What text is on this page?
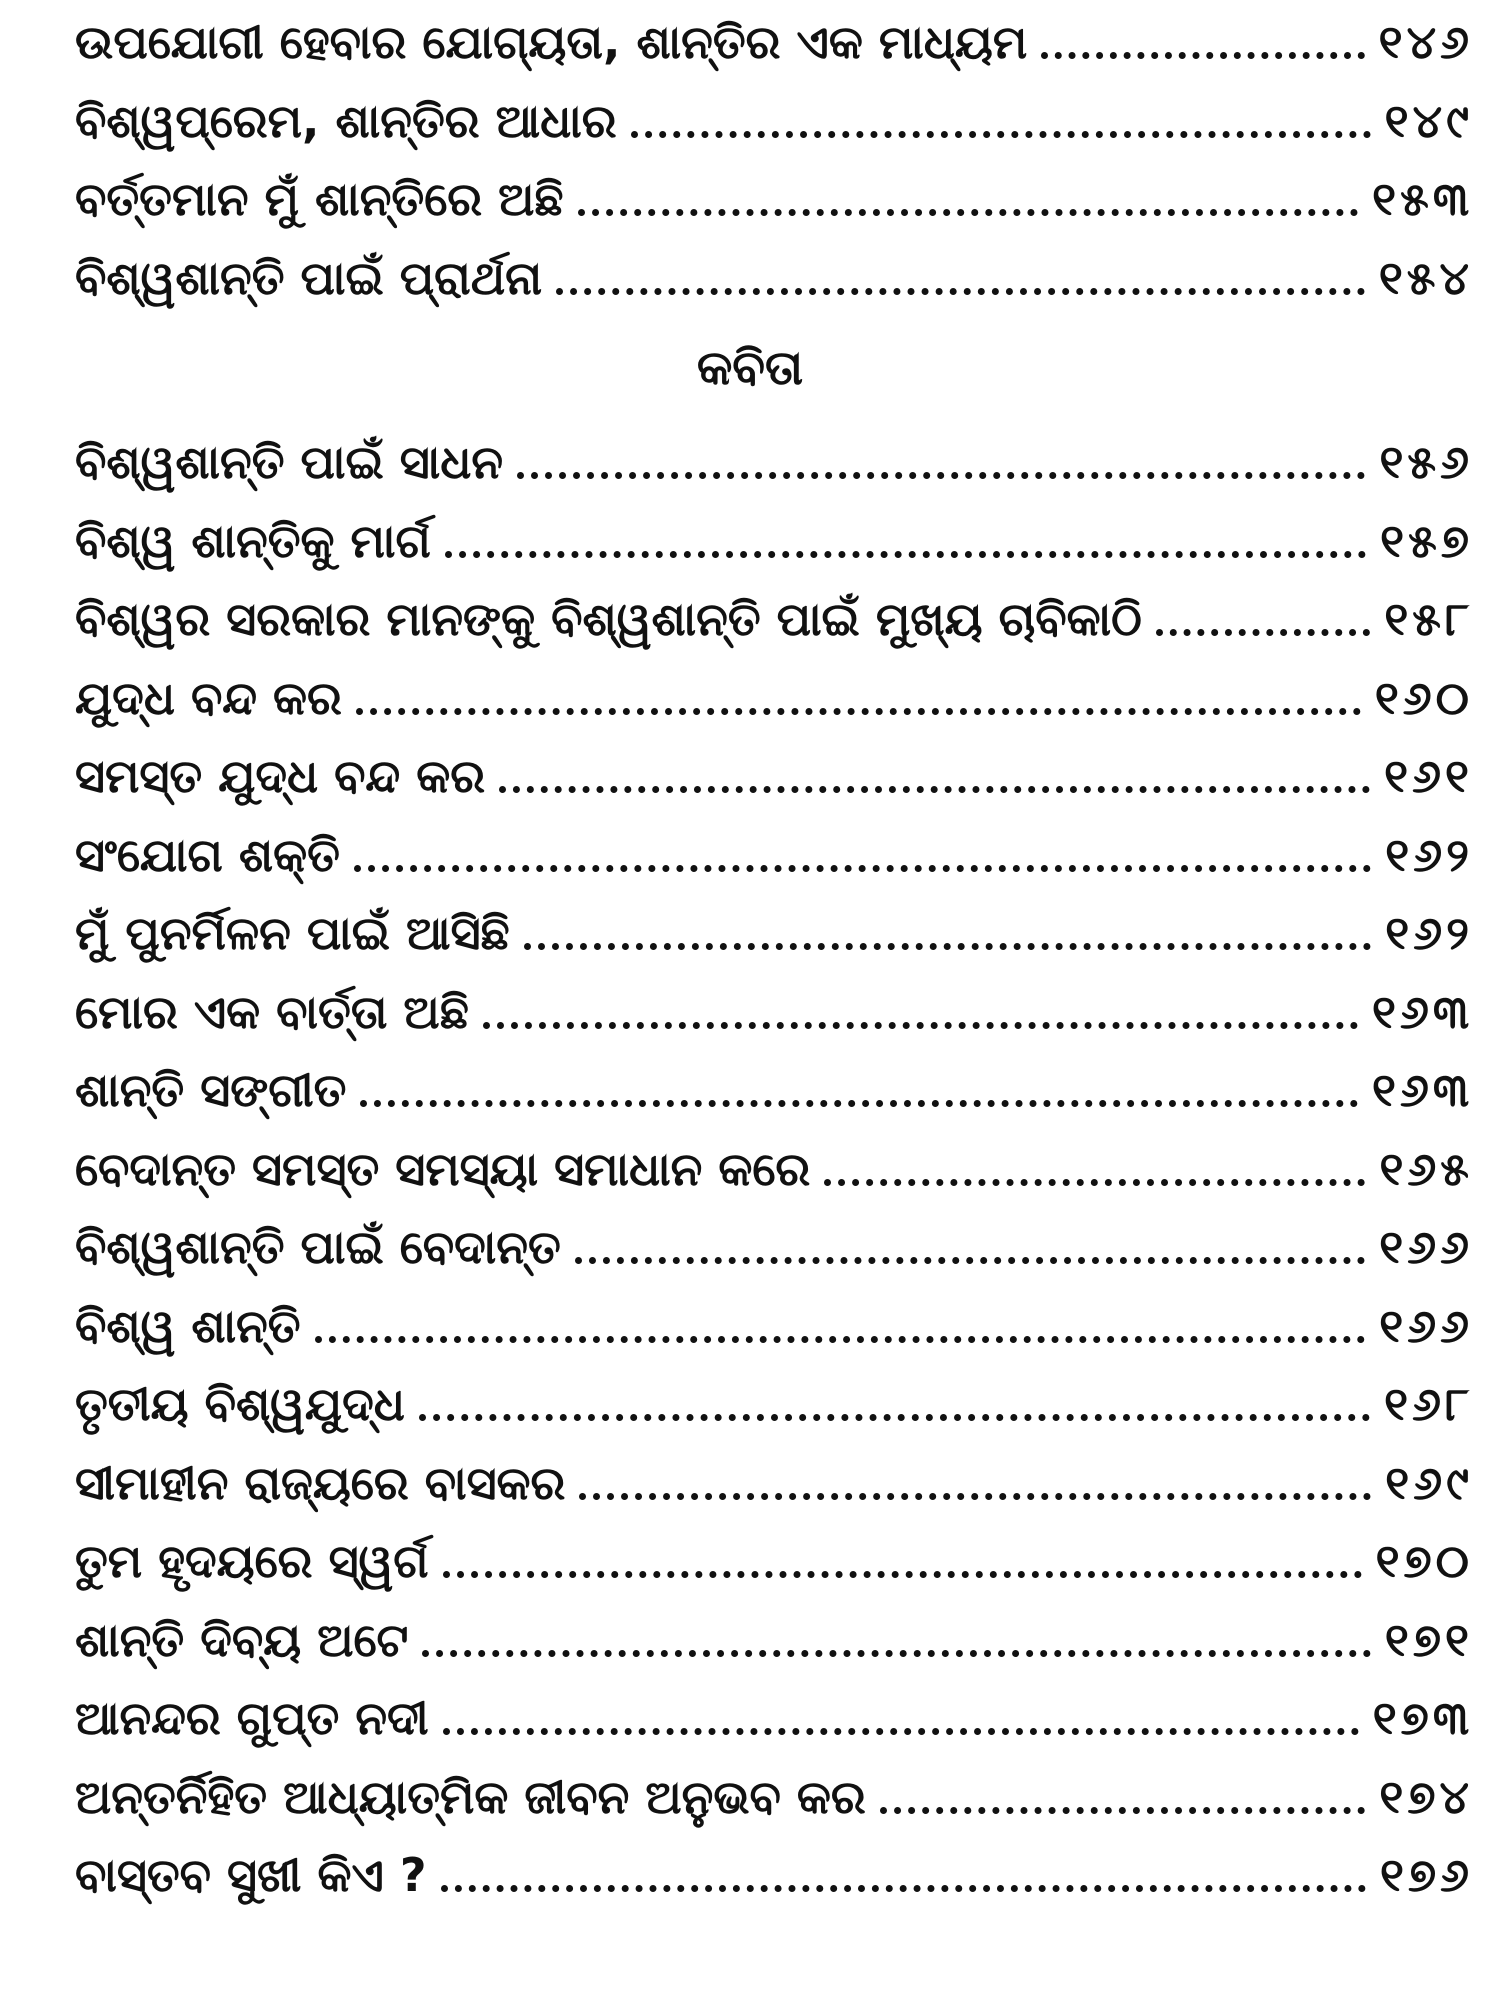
ଉପଯୋଗୀ ହେବାର ଯୋଗ୍ୟତା, ଶାନ୍ତିର ଏକ ମାଧ୍ୟମ	୧୪୬
ବିଶ୍ୱପ୍ରେମ, ଶାନ୍ତିର ଆଧାର	୧୪୯
ବର୍ତ୍ତମାନ ମୁଁ ଶାନ୍ତିରେ ଅଛି	୧୫୩
ବିଶ୍ୱଶାନ୍ତି ପାଇଁ ପ୍ରାର୍ଥନା	୧୫୪
କବିତା
ବିଶ୍ୱଶାନ୍ତି ପାଇଁ ସାଧନ	୧୫୬
ବିଶ୍ୱ ଶାନ୍ତିକୁ ମାର୍ଗ	୧୫୭
ବିଶ୍ୱର ସରକାର ମାନଙ୍କୁ ବିଶ୍ୱଶାନ୍ତି ପାଇଁ ମୁଖ୍ୟ ଚାବିକାଠି	୧୫୮
ଯୁଦ୍ଧ ବନ୍ଦ କର	୧୬୦
ସମସ୍ତ ଯୁଦ୍ଧ ବନ୍ଦ କର	୧୬୧
ସଂଯୋଗ ଶକ୍ତି	୧୬୨
ମୁଁ ପୁନର୍ମିଳନ ପାଇଁ ଆସିଛି	୧୬୨
ମୋର ଏକ ବାର୍ତ୍ତା ଅଛି	୧୬୩
ଶାନ୍ତି ସଙ୍ଗୀତ	୧୬୩
ବେଦାନ୍ତ ସମସ୍ତ ସମସ୍ୟା ସମାଧାନ କରେ	୧୬୫
ବିଶ୍ୱଶାନ୍ତି ପାଇଁ ବେଦାନ୍ତ	୧୬୬
ବିଶ୍ୱ ଶାନ୍ତି	୧୬୬
ତୃତୀୟ ବିଶ୍ୱଯୁଦ୍ଧ	୧୬୮
ସୀମାହୀନ ରାଜ୍ୟରେ ବାସକର	୧୬୯
ତୁମ ହୃଦୟରେ ସ୍ୱର୍ଗ	୧୭୦
ଶାନ୍ତି ଦିବ୍ୟ ଅଟେ	୧୭୧
ଆନନ୍ଦର ଗୁପ୍ତ ନଦୀ	୧୭୩
ଅନ୍ତର୍ନିହିତ ଆଧ୍ୟାତ୍ମିକ ଜୀବନ ଅନୁଭବ କର	୧୭୪
ବାସ୍ତବ ସୁଖୀ କିଏ ?	୧୭୬
